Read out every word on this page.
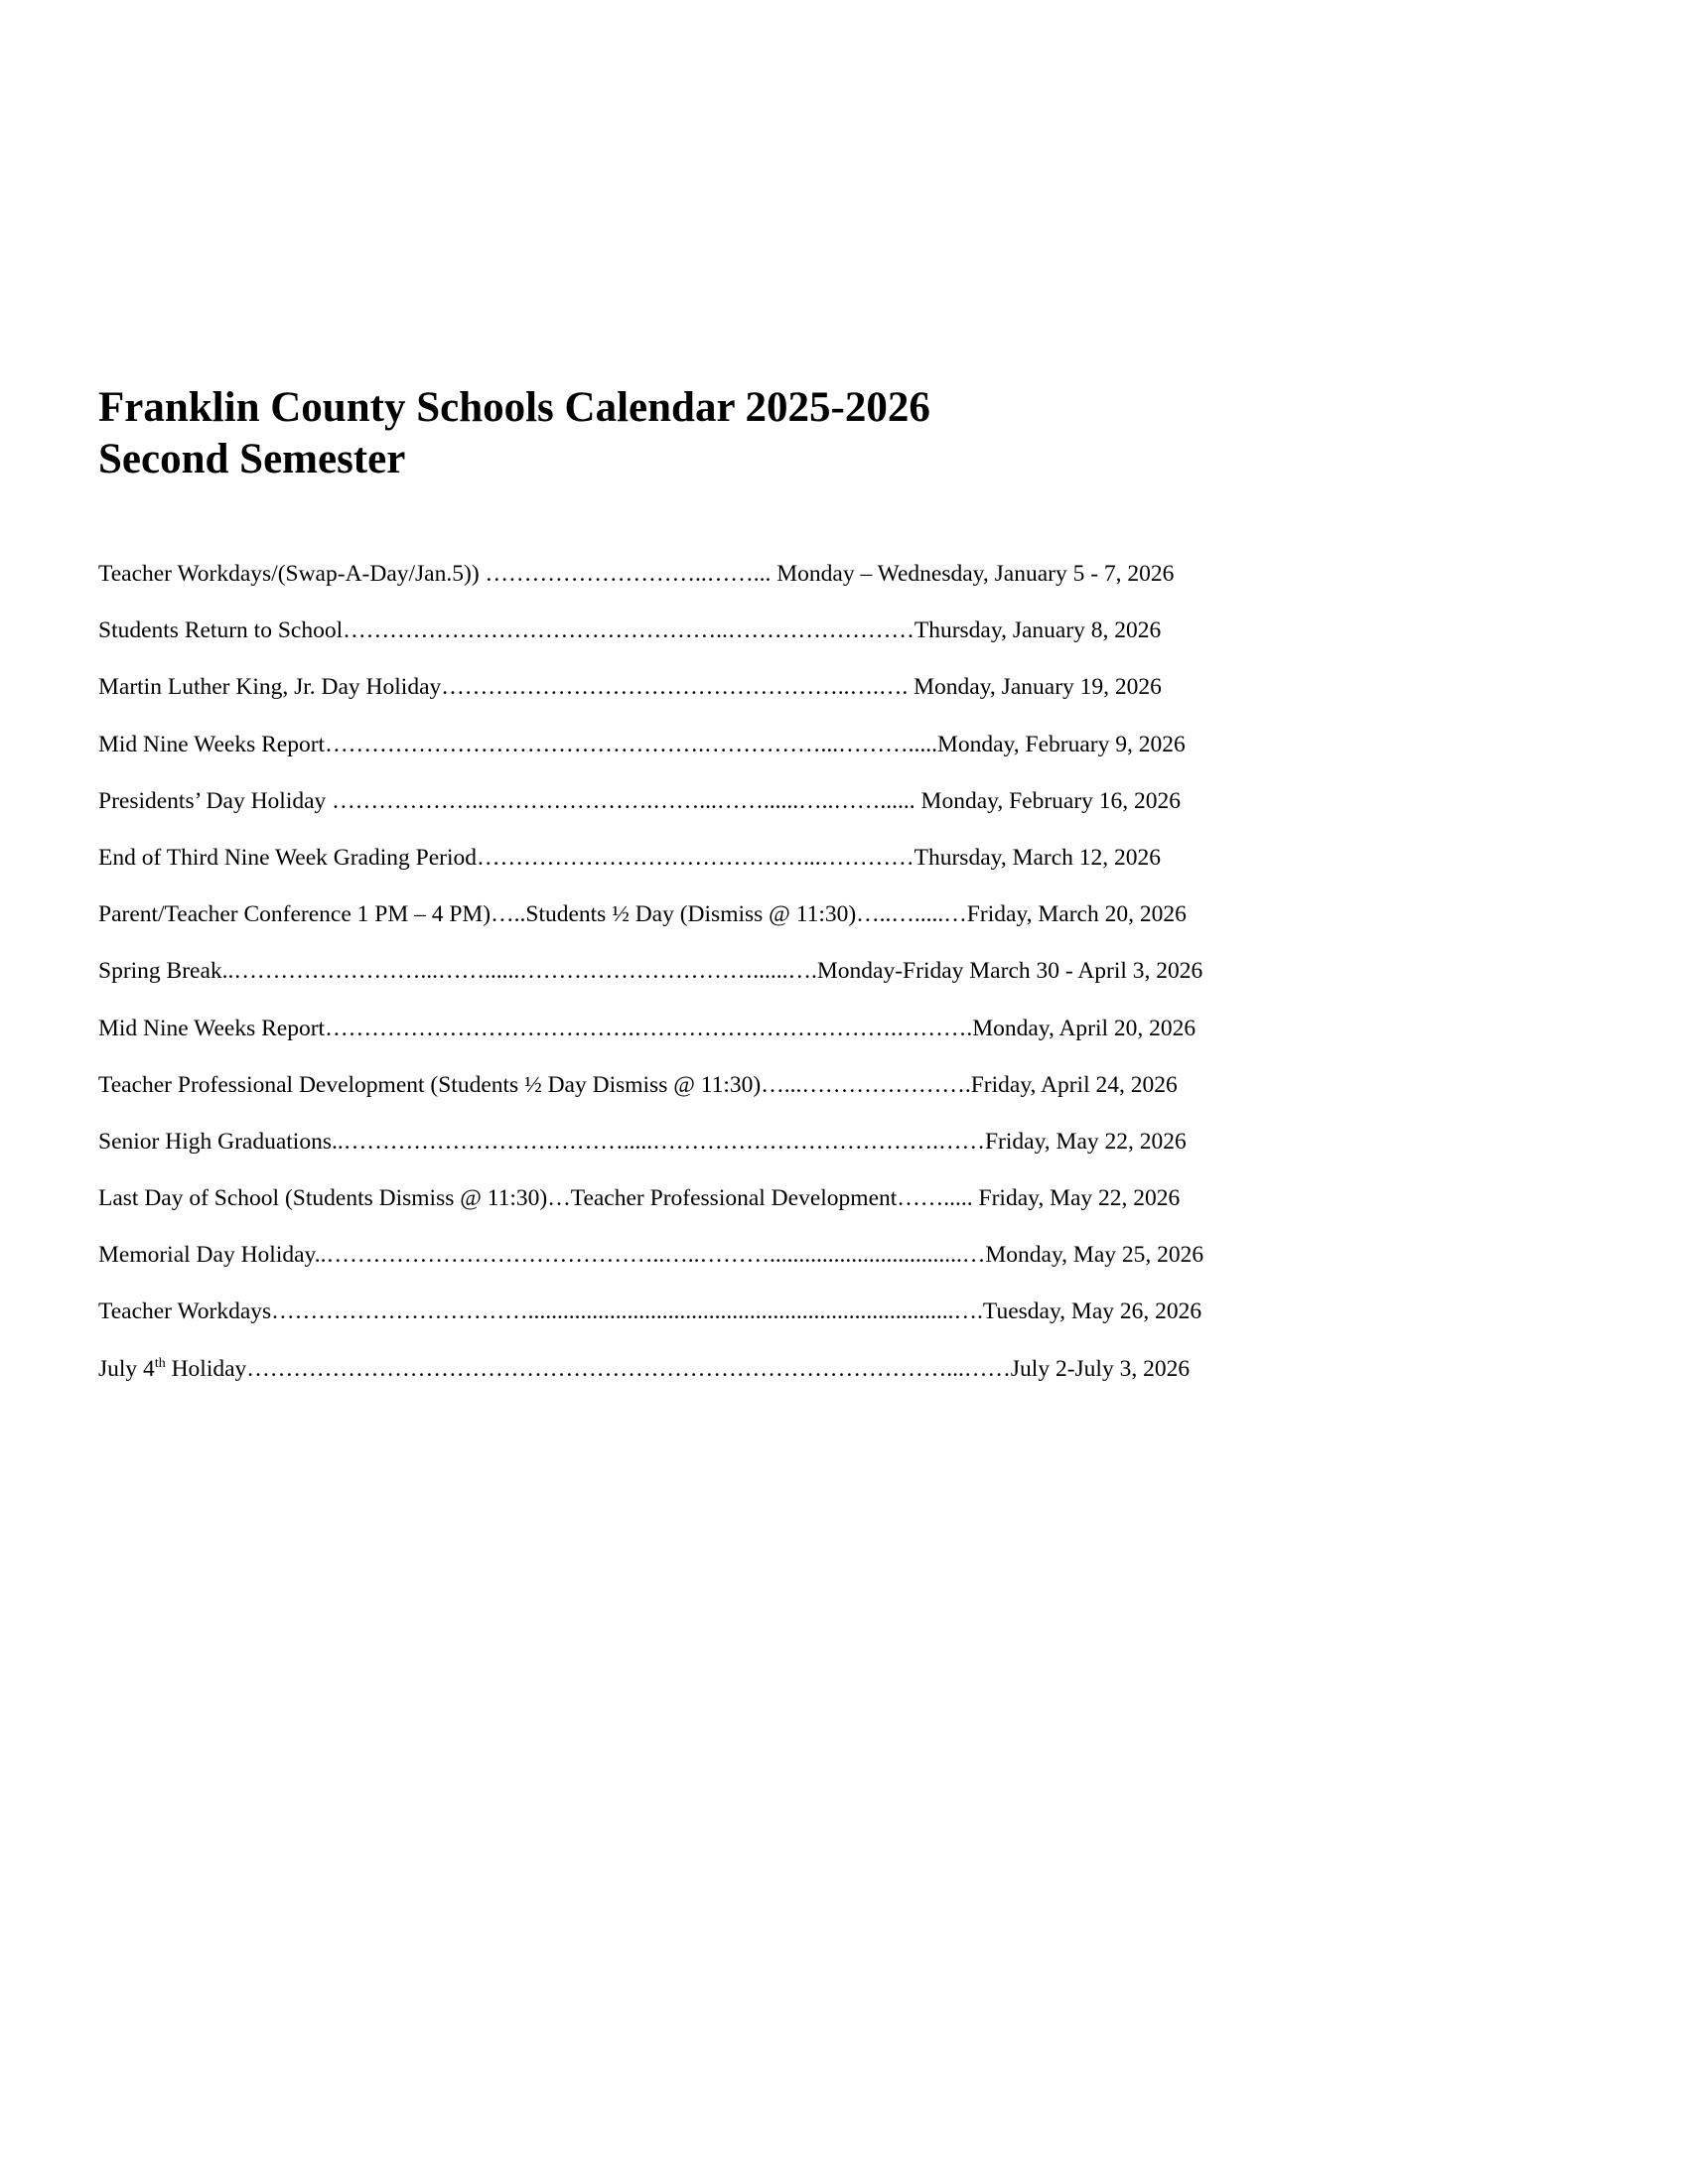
Franklin County Schools Calendar 2025-2026
Second Semester
Teacher Workdays/(Swap-A-Day/Jan.5)) ………………………..……... Monday – Wednesday, January 5 - 7, 2026
Students Return to School…………………………………………..……………………Thursday, January 8, 2026
Martin Luther King, Jr. Day Holiday……………………………………………..….…. Monday, January 19, 2026
Mid Nine Weeks Report………………………………………….……………...……….....Monday, February 9, 2026
Presidents’ Day Holiday ………………..………………….……...……......…..……...... Monday, February 16, 2026
End of Third Nine Week Grading Period……………………………………...…………Thursday, March 12, 2026
Parent/Teacher Conference 1 PM – 4 PM)…..Students ½ Day (Dismiss @ 11:30)…..….....…Friday, March 20, 2026
Spring Break..……………………...……......…………………………......….Monday-Friday March 30 - April 3, 2026
Mid Nine Weeks Report………………………………….…………………………….……….Monday, April 20, 2026
Teacher Professional Development (Students ½ Day Dismiss @ 11:30)…...………………….Friday, April 24, 2026
Senior High Graduations..……………………………….....……………………………….……Friday, May 22, 2026
Last Day of School (Students Dismiss @ 11:30)…Teacher Professional Development……..... Friday, May 22, 2026
Memorial Day Holiday..……………………………………..…..……….................................…Monday, May 25, 2026
Teacher Workdays…………………………….........................................................................….Tuesday, May 26, 2026
July 4th Holiday………………………………………………………………………………...……July 2-July 3, 2026
